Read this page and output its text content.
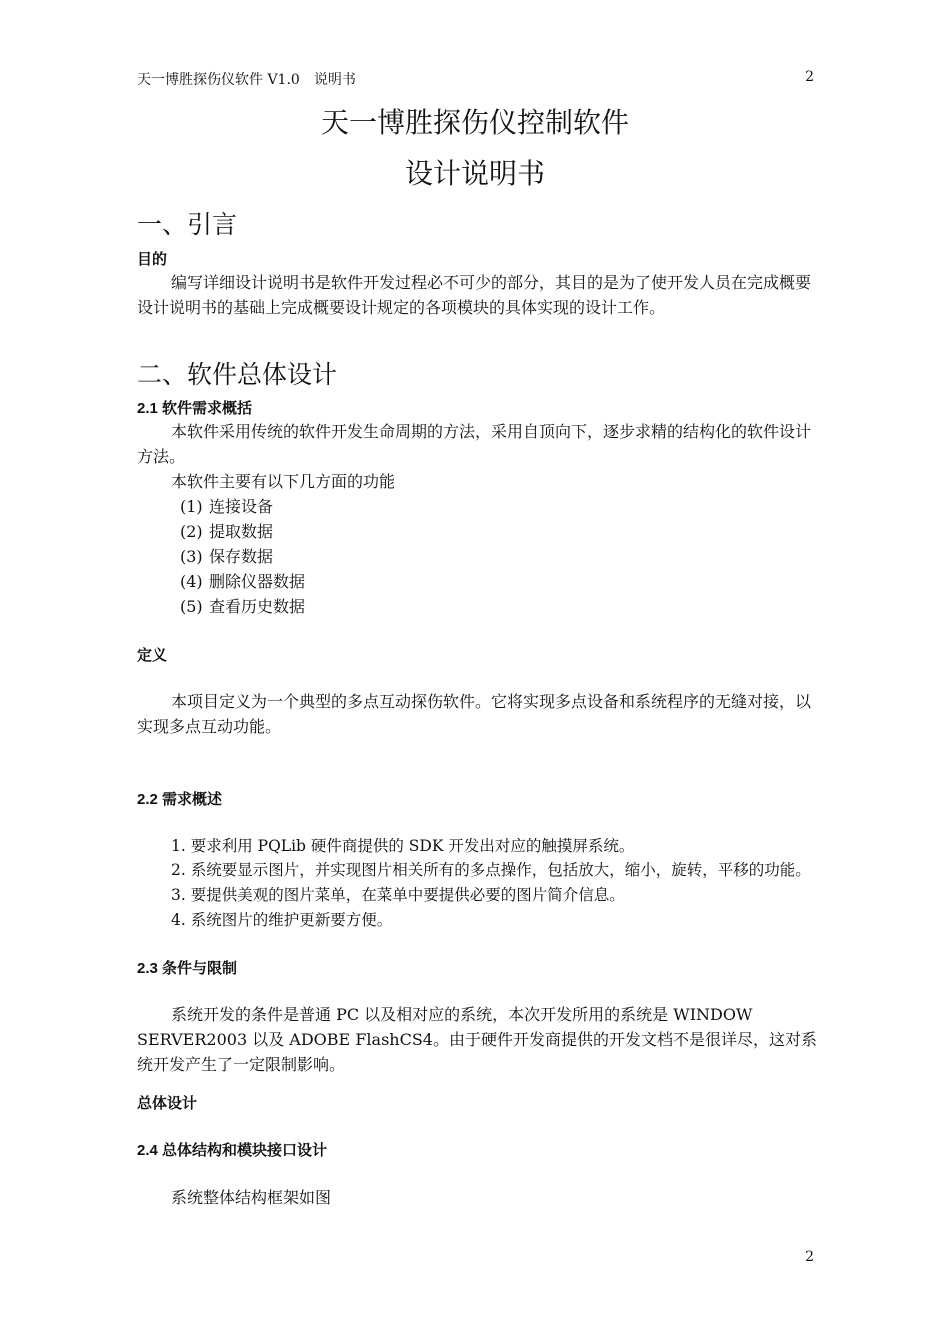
天一博胜探伤仪软件 V1.0　说明书	2
天一博胜探伤仪控制软件
设计说明书
一、引言
目的
编写详细设计说明书是软件开发过程必不可少的部分，其目的是为了使开发人员在完成概要设计说明书的基础上完成概要设计规定的各项模块的具体实现的设计工作。
二、软件总体设计
2.1 软件需求概括
本软件采用传统的软件开发生命周期的方法，采用自顶向下，逐步求精的结构化的软件设计方法。
本软件主要有以下几方面的功能
(1) 连接设备
(2) 提取数据
(3) 保存数据
(4) 删除仪器数据
(5) 查看历史数据
定义
本项目定义为一个典型的多点互动探伤软件。它将实现多点设备和系统程序的无缝对接，以实现多点互动功能。
2.2 需求概述
1. 要求利用 PQLib 硬件商提供的 SDK 开发出对应的触摸屏系统。
2. 系统要显示图片，并实现图片相关所有的多点操作，包括放大，缩小，旋转，平移的功能。
3. 要提供美观的图片菜单，在菜单中要提供必要的图片简介信息。
4. 系统图片的维护更新要方便。
2.3 条件与限制
系统开发的条件是普通 PC 以及相对应的系统，本次开发所用的系统是 WINDOW SERVER2003 以及 ADOBE FlashCS4。由于硬件开发商提供的开发文档不是很详尽，这对系统开发产生了一定限制影响。
总体设计
2.4 总体结构和模块接口设计
系统整体结构框架如图
2
